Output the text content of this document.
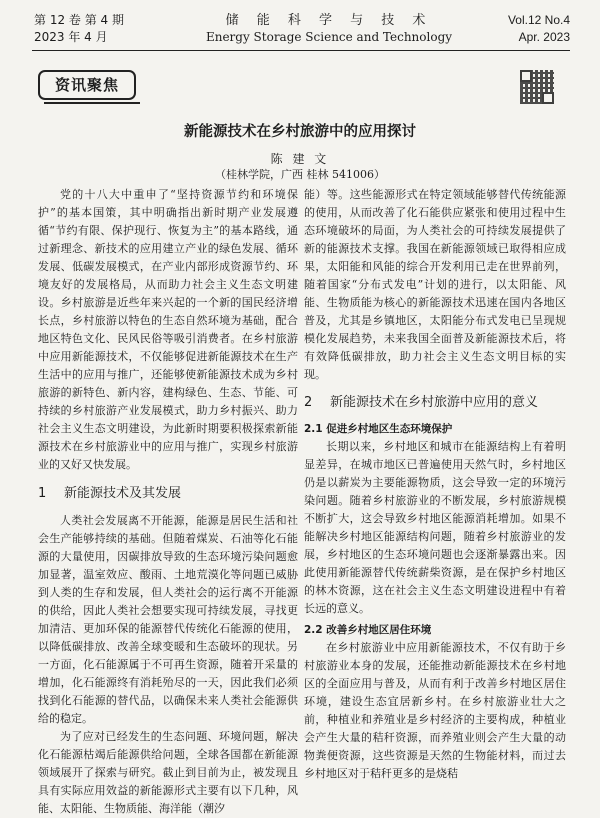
第 12 卷 第 4 期
2023 年 4 月
储 能 科 学 与 技 术
Energy Storage Science and Technology
Vol.12 No.4
Apr. 2023
资讯聚焦
新能源技术在乡村旅游中的应用探讨
陈 建 文
（桂林学院，广西 桂林 541006）

党的十八大中重申了“坚持资源节约和环境保护”的基本国策，其中明确指出新时期产业发展遵循“节约有限、保护现行、恢复为主”的基本路线，通过新理念、新技术的应用建立产业的绿色发展、循环发展、低碳发展模式，在产业内部形成资源节约、环境友好的发展格局，从而助力社会主义生态文明建设。乡村旅游是近些年来兴起的一个新的国民经济增长点，乡村旅游以特色的生态自然环境为基础，配合地区特色文化、民风民俗等吸引消费者。在乡村旅游中应用新能源技术，不仅能够促进新能源技术在生产生活中的应用与推广，还能够使新能源技术成为乡村旅游的新特色、新内容，建构绿色、生态、节能、可持续的乡村旅游产业发展模式，助力乡村振兴、助力社会主义生态文明建设，为此新时期要积极探索新能源技术在乡村旅游业中的应用与推广，实现乡村旅游业的又好又快发展。

1 新能源技术及其发展

人类社会发展离不开能源，能源是居民生活和社会生产能够持续的基础。但随着煤炭、石油等化石能源的大量使用，因碳排放导致的生态环境污染问题愈加显著，温室效应、酸雨、土地荒漠化等问题已威胁到人类的生存和发展，但人类社会的运行离不开能源的供给，因此人类社会想要实现可持续发展，寻找更加清洁、更加环保的能源替代传统化石能源的使用，以降低碳排放、改善全球变暖和生态破坏的现状。另一方面，化石能源属于不可再生资源，随着开采量的增加，化石能源终有消耗殆尽的一天，因此我们必须找到化石能源的替代品，以确保未来人类社会能源供给的稳定。

为了应对已经发生的生态问题、环境问题，解决化石能源枯竭后能源供给问题，全球各国都在新能源领域展开了探索与研究。截止到目前为止，被发现且具有实际应用效益的新能源形式主要有以下几种，风能、太阳能、生物质能、海洋能（潮汐

能）等。这些能源形式在特定领域能够替代传统能源的使用，从而改善了化石能供应紧张和使用过程中生态环境破坏的局面，为人类社会的可持续发展提供了新的能源技术支撑。我国在新能源领域已取得相应成果，太阳能和风能的综合开发利用已走在世界前列，随着国家“分布式发电”计划的进行，以太阳能、风能、生物质能为核心的新能源技术迅速在国内各地区普及，尤其是乡镇地区，太阳能分布式发电已呈现规模化发展趋势，未来我国全面普及新能源技术后，将有效降低碳排放，助力社会主义生态文明目标的实现。

2 新能源技术在乡村旅游中应用的意义
2.1 促进乡村地区生态环境保护

长期以来，乡村地区和城市在能源结构上有着明显差异，在城市地区已普遍使用天然气时，乡村地区仍是以薪炭为主要能源物质，这会导致一定的环境污染问题。随着乡村旅游业的不断发展，乡村旅游规模不断扩大，这会导致乡村地区能源消耗增加。如果不能解决乡村地区能源结构问题，随着乡村旅游业的发展，乡村地区的生态环境问题也会逐渐暴露出来。因此使用新能源替代传统薪柴资源，是在保护乡村地区的林木资源，这在社会主义生态文明建设进程中有着长远的意义。

2.2 改善乡村地区居住环境

在乡村旅游业中应用新能源技术，不仅有助于乡村旅游业本身的发展，还能推动新能源技术在乡村地区的全面应用与普及，从而有利于改善乡村地区居住环境，建设生态宜居新乡村。在乡村旅游业壮大之前，种植业和养殖业是乡村经济的主要构成，种植业会产生大量的秸秆资源，而养殖业则会产生大量的动物粪便资源，这些资源是天然的生物能材料，而过去乡村地区对于秸秆更多的是烧秸
